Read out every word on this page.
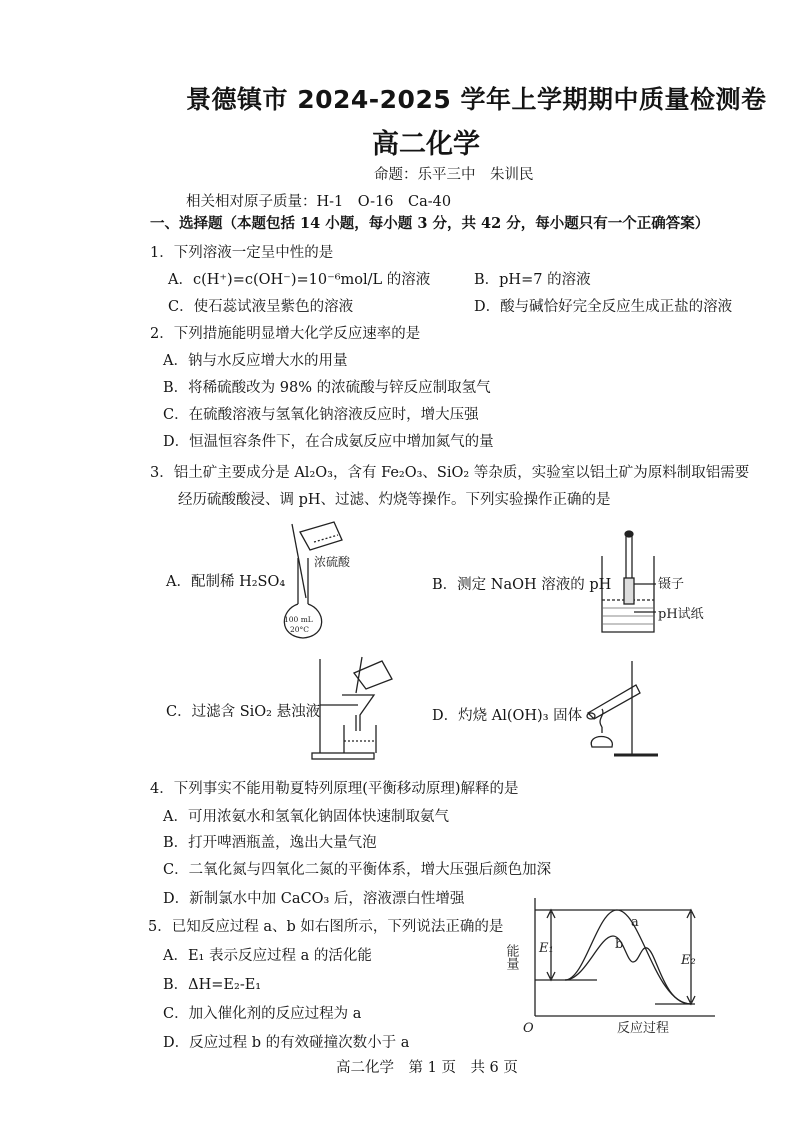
景德镇市 2024-2025 学年上学期期中质量检测卷
高二化学
命题：乐平三中　朱训民
相关相对原子质量：H-1　O-16　Ca-40
一、选择题（本题包括 14 小题，每小题 3 分，共 42 分，每小题只有一个正确答案）
1．下列溶液一定呈中性的是
A．c(H⁺)=c(OH⁻)=10⁻⁶mol/L 的溶液	B．pH=7 的溶液
C．使石蕊试液呈紫色的溶液	D．酸与碱恰好完全反应生成正盐的溶液
2．下列措施能明显增大化学反应速率的是
A．钠与水反应增大水的用量
B．将稀硫酸改为 98% 的浓硫酸与锌反应制取氢气
C．在硫酸溶液与氢氧化钠溶液反应时，增大压强
D．恒温恒容条件下，在合成氨反应中增加氮气的量
3．铝土矿主要成分是 Al₂O₃，含有 Fe₂O₃、SiO₂ 等杂质，实验室以铝土矿为原料制取铝需要
经历硫酸酸浸、调 pH、过滤、灼烧等操作。下列实验操作正确的是
A．配制稀 H₂SO₄	B．测定 NaOH 溶液的 pH
C．过滤含 SiO₂ 悬浊液	D．灼烧 Al(OH)₃ 固体
浓硫酸
100 mL
20°C
镊子
pH试纸
4．下列事实不能用勒夏特列原理(平衡移动原理)解释的是
A．可用浓氨水和氢氧化钠固体快速制取氨气
B．打开啤酒瓶盖，逸出大量气泡
C．二氧化氮与四氧化二氮的平衡体系，增大压强后颜色加深
D．新制氯水中加 CaCO₃ 后，溶液漂白性增强
5．已知反应过程 a、b 如右图所示，下列说法正确的是
A．E₁ 表示反应过程 a 的活化能
B．ΔH=E₂-E₁
C．加入催化剂的反应过程为 a
D．反应过程 b 的有效碰撞次数小于 a
能量
反应过程
O
E₁
E₂
a
b
高二化学　第 1 页　共 6 页
